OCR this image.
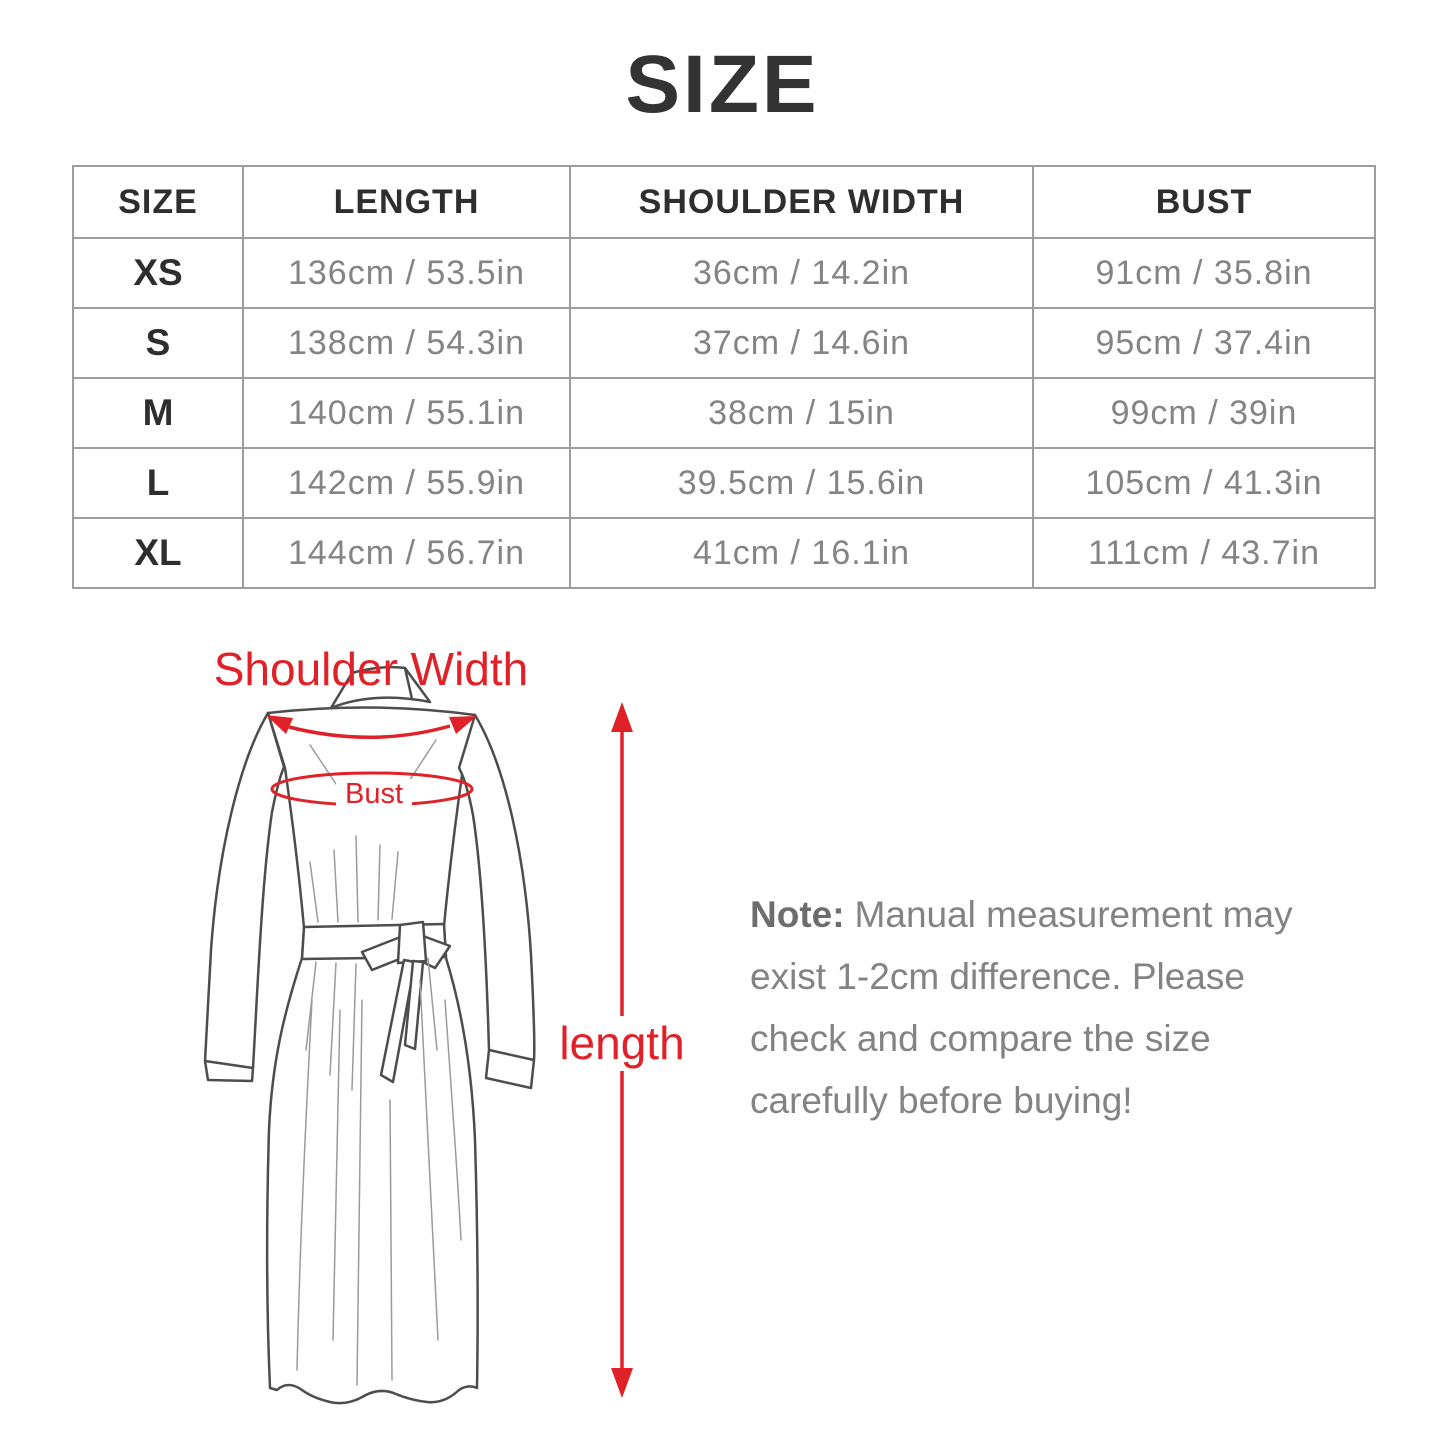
SIZE
SIZE	LENGTH	SHOULDER WIDTH	BUST
XS	136cm / 53.5in	36cm / 14.2in	91cm / 35.8in
S	138cm / 54.3in	37cm / 14.6in	95cm / 37.4in
M	140cm / 55.1in	38cm / 15in	99cm / 39in
L	142cm / 55.9in	39.5cm / 15.6in	105cm / 41.3in
XL	144cm / 56.7in	41cm / 16.1in	111cm / 43.7in
Shoulder Width
Bust
length
Note: Manual measurement may
exist 1-2cm difference. Please
check and compare the size
carefully before buying!
